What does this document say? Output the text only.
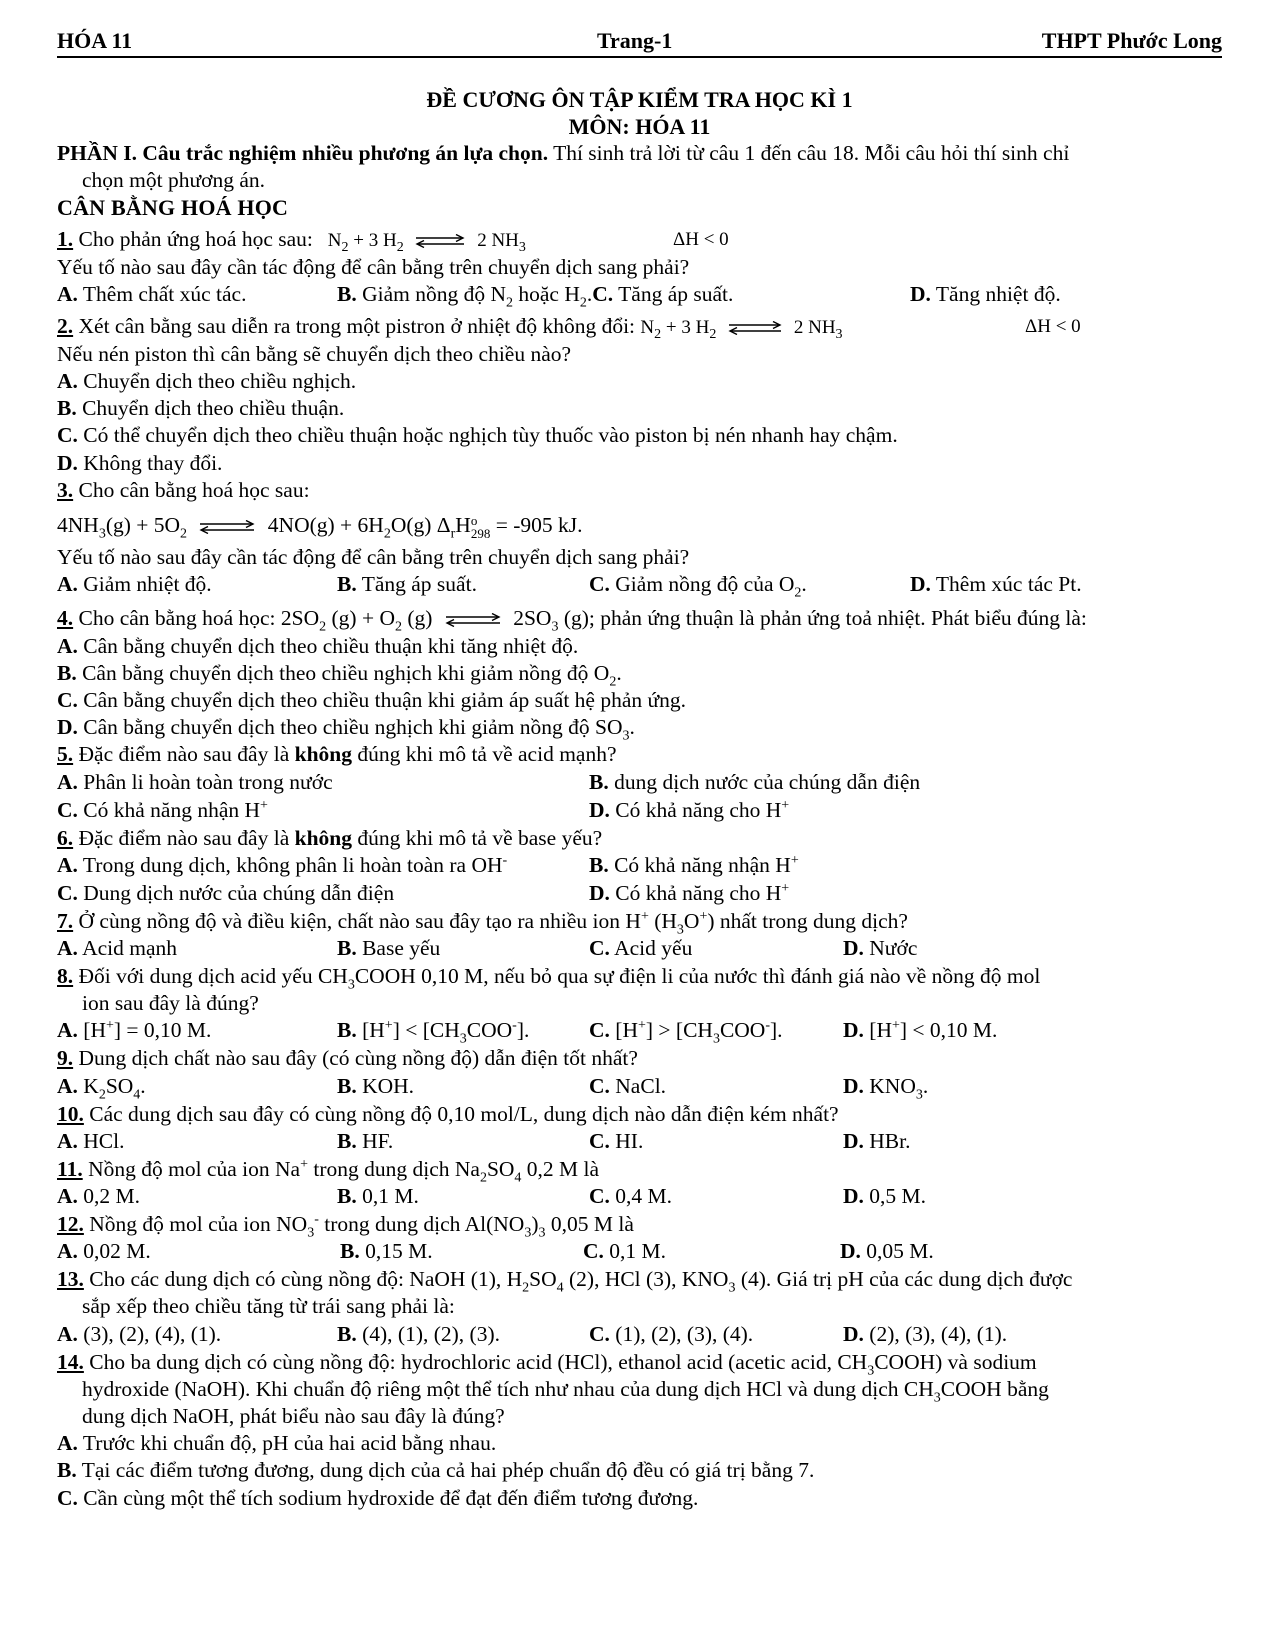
HÓA 11	Trang-1	THPT Phước Long
ĐỀ CƯƠNG ÔN TẬP KIỂM TRA HỌC KÌ 1
MÔN: HÓA 11
PHẦN I. Câu trắc nghiệm nhiều phương án lựa chọn. Thí sinh trả lời từ câu 1 đến câu 18. Mỗi câu hỏi thí sinh chỉ
chọn một phương án.
CÂN BẰNG HOÁ HỌC
1. Cho phản ứng hoá học sau: $N_2 + 3$ $H_2$ ⇌ 2 $NH_3$	ΔH < 0
Yếu tố nào sau đây cần tác động để cân bằng trên chuyển dịch sang phải?
A. Thêm chất xúc tác.	B. Giảm nồng độ $N_2$ hoặc $H_2.C$. Tăng áp suất.	D. Tăng nhiệt độ.
2. Xét cân bằng sau diễn ra trong một pistron ở nhiệt độ không đổi: $N_2 + 3$ $H_2$ ⇌ 2 $NH_3$	ΔH < 0
Nếu nén piston thì cân bằng sẽ chuyển dịch theo chiều nào?
A. Chuyển dịch theo chiều nghịch.
B. Chuyển dịch theo chiều thuận.
C. Có thể chuyển dịch theo chiều thuận hoặc nghịch tùy thuốc vào piston bị nén nhanh hay chậm.
D. Không thay đổi.
3. Cho cân bằng hoá học sau:
$4NH_3(g) + 5O_2$ ⇌ $4NO(g) + 6H_2O(g)$ $\Delta_rH$ o
298 = -905 kJ.
Yếu tố nào sau đây cần tác động để cân bằng trên chuyển dịch sang phải?
A. Giảm nhiệt độ.	B. Tăng áp suất.	C. Giảm nồng độ của $O_2$.	D. Thêm xúc tác Pt.
4. Cho cân bằng hoá học: $2SO_2$ $(g) + O_2$ (g) ⇌ $2SO_3$ (g); phản ứng thuận là phản ứng toả nhiệt. Phát biểu đúng là:
A. Cân bằng chuyển dịch theo chiều thuận khi tăng nhiệt độ.
B. Cân bằng chuyển dịch theo chiều nghịch khi giảm nồng độ $O_2$.
C. Cân bằng chuyển dịch theo chiều thuận khi giảm áp suất hệ phản ứng.
D. Cân bằng chuyển dịch theo chiều nghịch khi giảm nồng độ $SO_3$.
5. Đặc điểm nào sau đây là không đúng khi mô tả về acid mạnh?
A. Phân li hoàn toàn trong nước	B. dung dịch nước của chúng dẫn điện
C. Có khả năng nhận H+	D. Có khả năng cho H+
6. Đặc điểm nào sau đây là không đúng khi mô tả về base yếu?
A. Trong dung dịch, không phân li hoàn toàn ra OH-	B. Có khả năng nhận H+
C. Dung dịch nước của chúng dẫn điện	D. Có khả năng cho H+
7. Ở cùng nồng độ và điều kiện, chất nào sau đây tạo ra nhiều ion H+ $(H_3O^+)$ nhất trong dung dịch?
A. Acid mạnh	B. Base yếu	C. Acid yếu	D. Nước
8. Đối với dung dịch acid yếu $CH_3COOH$ 0,10 M, nếu bỏ qua sự điện li của nước thì đánh giá nào về nồng độ mol
ion sau đây là đúng?
A. [H+] = 0,10 M.	B. $[H^+] < [CH_3COO^-]$.	C. $[H^+] > [CH_3COO^-]$.	D. [H+] < 0,10 M.
9. Dung dịch chất nào sau đây (có cùng nồng độ) dẫn điện tốt nhất?
A. $K_2SO_4$.	B. KOH.	C. NaCl.	D. $KNO_3$.
10. Các dung dịch sau đây có cùng nồng độ 0,10 mol/L, dung dịch nào dẫn điện kém nhất?
A. HCl.	B. HF.	C. HI.	D. HBr.
11. Nồng độ mol của ion Na+ trong dung dịch $Na_2SO_4$ 0,2 M là
A. 0,2 M.	B. 0,1 M.	C. 0,4 M.	D. 0,5 M.
12. Nồng độ mol của ion $NO_3^-$ trong dung dịch $Al(NO_3)_3$ 0,05 M là
A. 0,02 M.	B. 0,15 M.	C. 0,1 M.	D. 0,05 M.
13. Cho các dung dịch có cùng nồng độ: NaOH (1), $H_2SO_4$ (2), HCl (3), $KNO_3$ (4). Giá trị pH của các dung dịch được
sắp xếp theo chiều tăng từ trái sang phải là:
A. (3), (2), (4), (1).	B. (4), (1), (2), (3).	C. (1), (2), (3), (4).	D. (2), (3), (4), (1).
14. Cho ba dung dịch có cùng nồng độ: hydrochloric acid (HCl), ethanol acid (acetic acid, $CH_3COOH$) và sodium
hydroxide (NaOH). Khi chuẩn độ riêng một thể tích như nhau của dung dịch HCl và dung dịch $CH_3COOH$ bằng
dung dịch NaOH, phát biểu nào sau đây là đúng?
A. Trước khi chuẩn độ, pH của hai acid bằng nhau.
B. Tại các điểm tương đương, dung dịch của cả hai phép chuẩn độ đều có giá trị bằng 7.
C. Cần cùng một thể tích sodium hydroxide để đạt đến điểm tương đương.
